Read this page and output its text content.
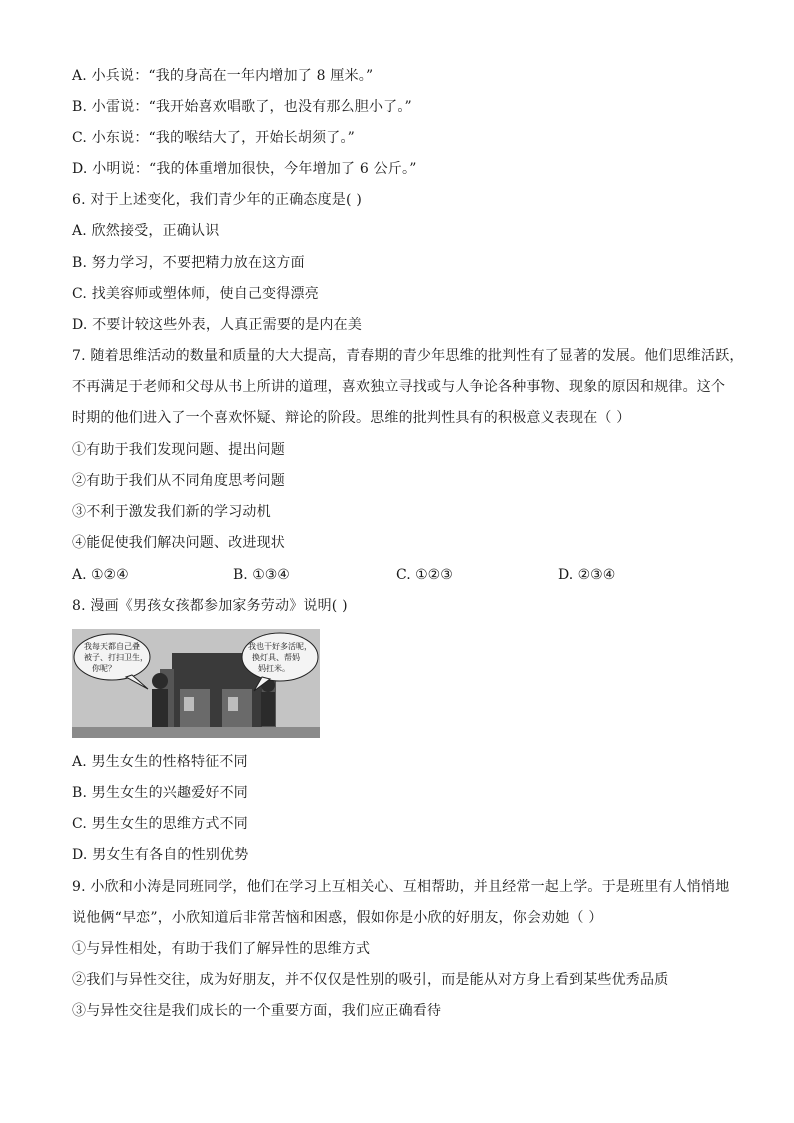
A. 小兵说：“我的身高在一年内增加了 8 厘米。”
B. 小雷说：“我开始喜欢唱歌了，也没有那么胆小了。”
C. 小东说：“我的喉结大了，开始长胡须了。”
D. 小明说：“我的体重增加很快，今年增加了 6 公斤。”
6. 对于上述变化，我们青少年的正确态度是( )
A. 欣然接受，正确认识
B. 努力学习，不要把精力放在这方面
C. 找美容师或塑体师，使自己变得漂亮
D. 不要计较这些外表，人真正需要的是内在美
7. 随着思维活动的数量和质量的大大提高，青春期的青少年思维的批判性有了显著的发展。他们思维活跃，
不再满足于老师和父母从书上所讲的道理，喜欢独立寻找或与人争论各种事物、现象的原因和规律。这个
时期的他们进入了一个喜欢怀疑、辩论的阶段。思维的批判性具有的积极意义表现在（ ）
①有助于我们发现问题、提出问题
②有助于我们从不同角度思考问题
③不利于激发我们新的学习动机
④能促使我们解决问题、改进现状
A. ①②④	B. ①③④	C. ①②③	D. ②③④
8. 漫画《男孩女孩都参加家务劳动》说明( )
我每天都自己叠
被子、打扫卫生，
你呢？
我也干好多活呢，
换灯具、帮妈
妈扛米。
A. 男生女生的性格特征不同
B. 男生女生的兴趣爱好不同
C. 男生女生的思维方式不同
D. 男女生有各自的性别优势
9. 小欣和小涛是同班同学，他们在学习上互相关心、互相帮助，并且经常一起上学。于是班里有人悄悄地
说他俩“早恋”，小欣知道后非常苦恼和困惑，假如你是小欣的好朋友，你会劝她（ ）
①与异性相处，有助于我们了解异性的思维方式
②我们与异性交往，成为好朋友，并不仅仅是性别的吸引，而是能从对方身上看到某些优秀品质
③与异性交往是我们成长的一个重要方面，我们应正确看待
